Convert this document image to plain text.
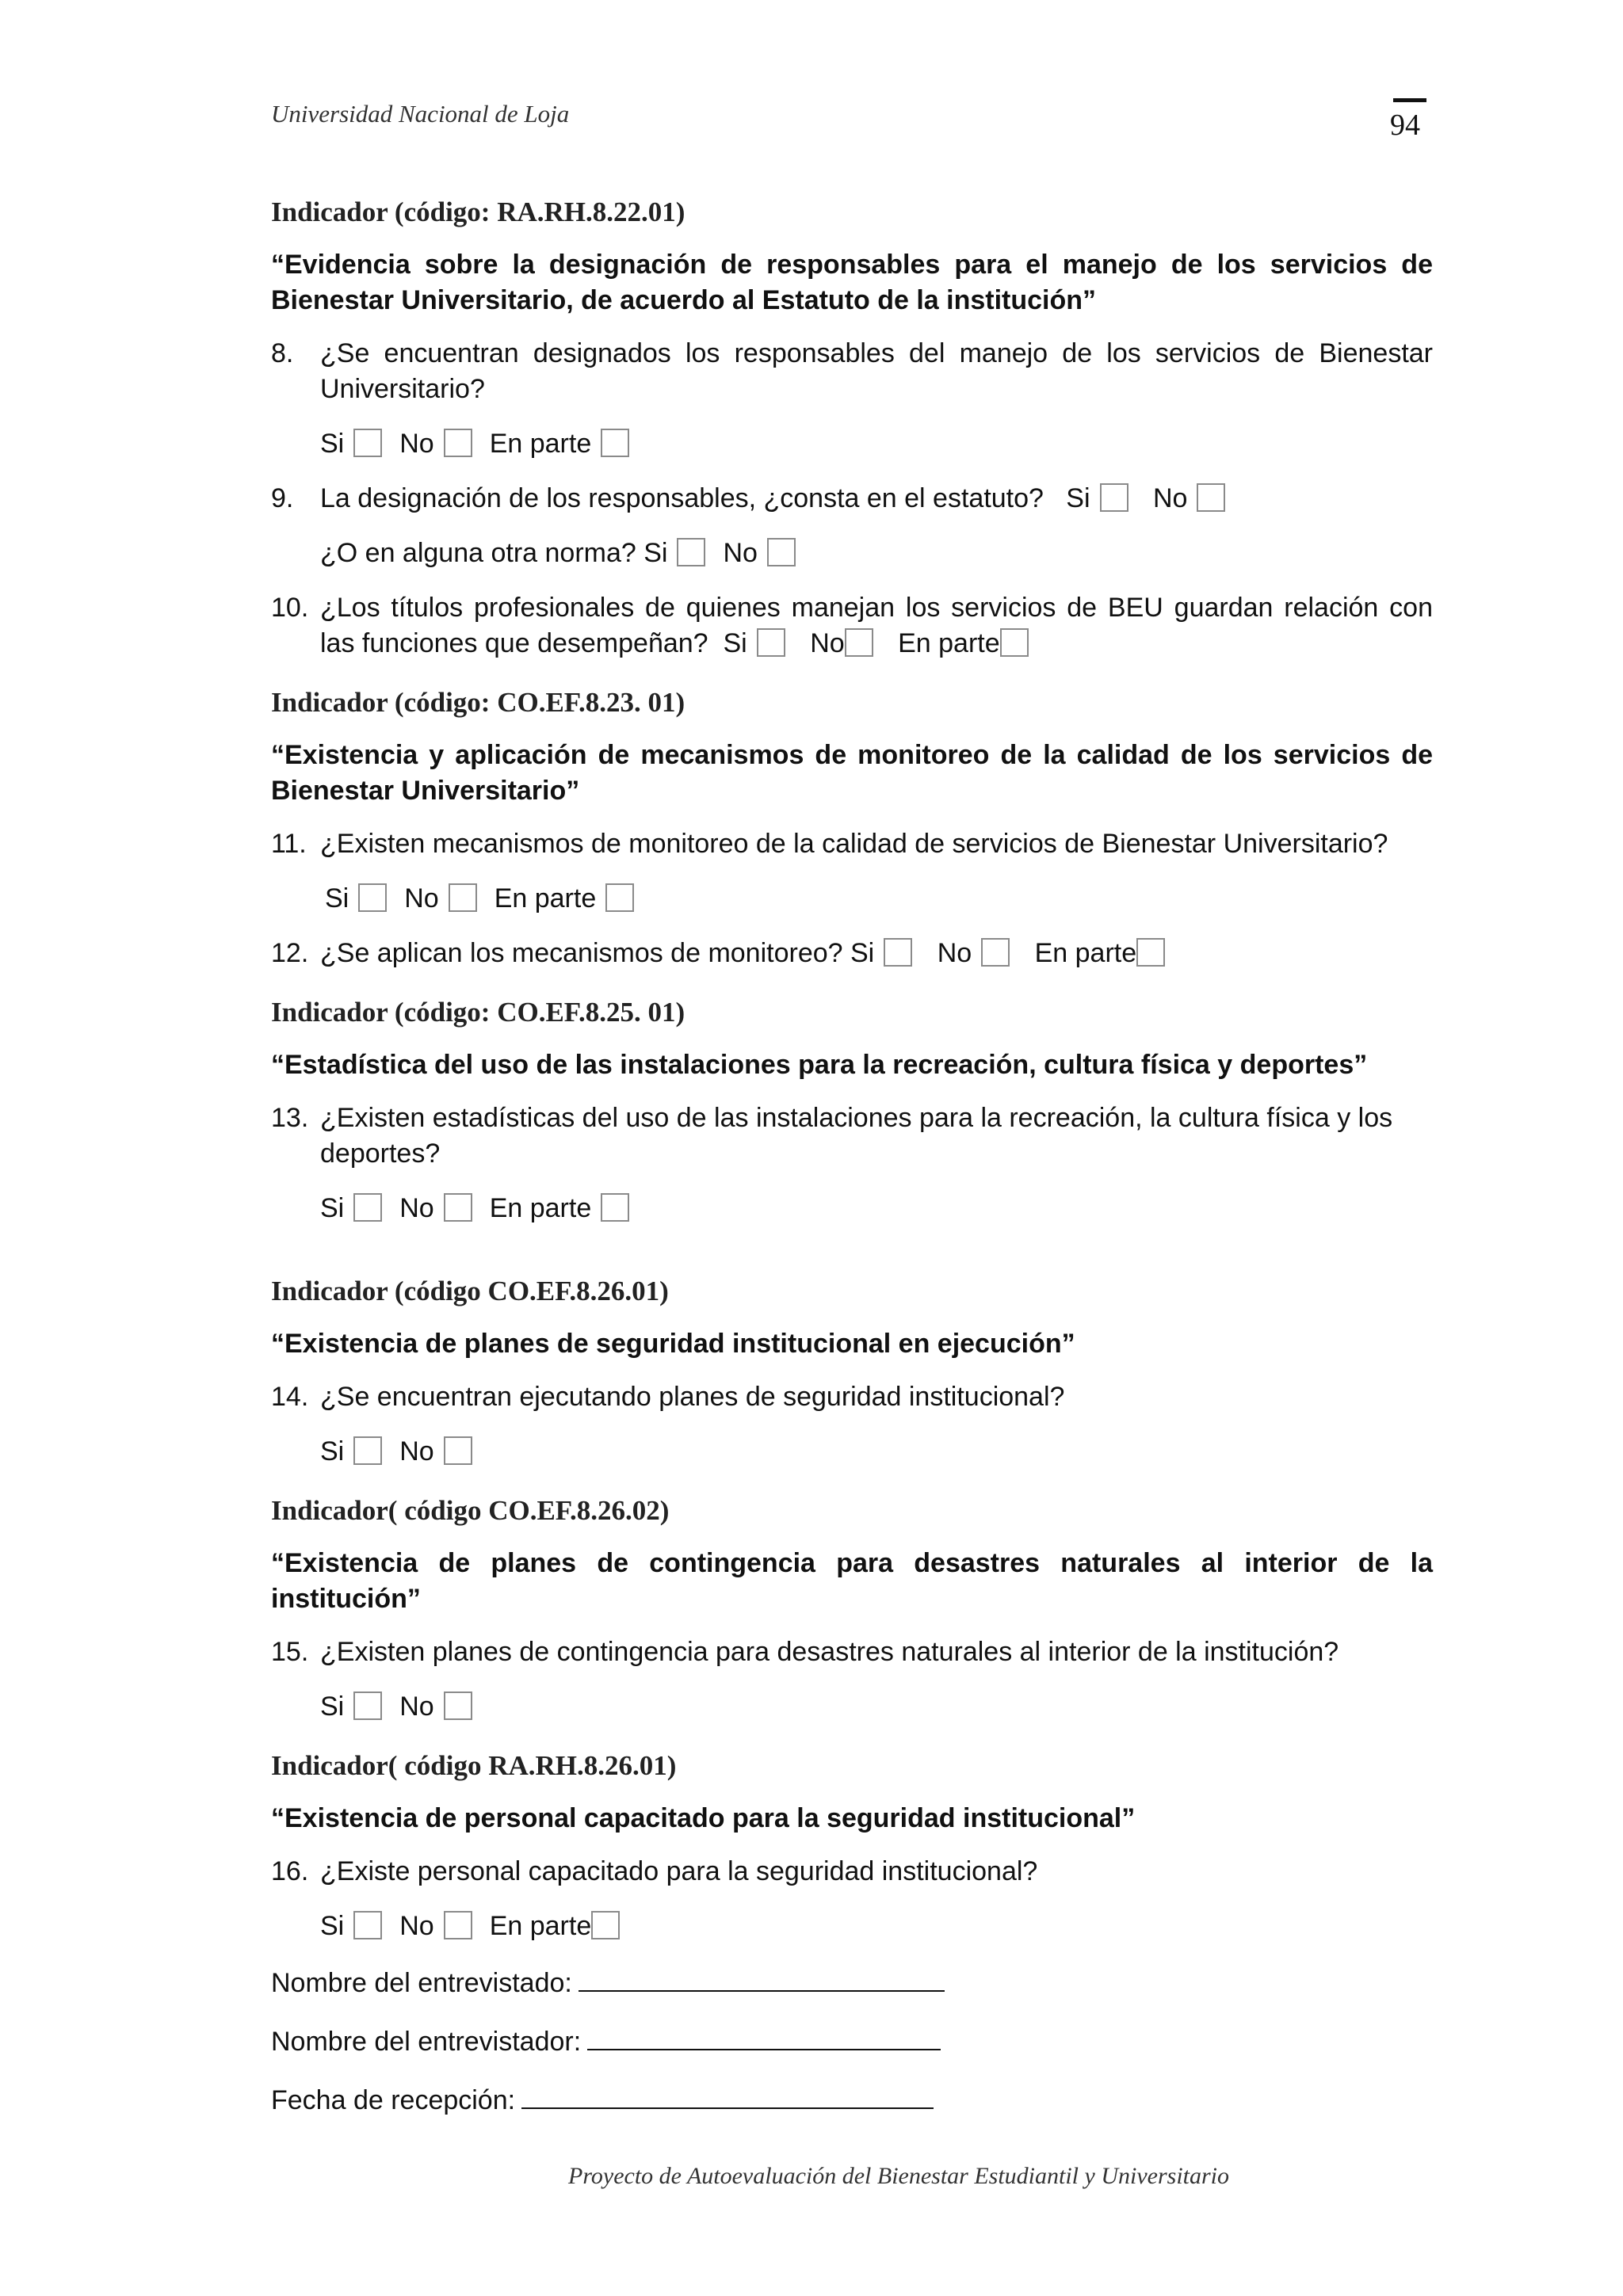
Universidad Nacional de Loja	94
Indicador (código: RA.RH.8.22.01)
“Evidencia sobre la designación de responsables para el manejo de los servicios de Bienestar Universitario, de acuerdo al Estatuto de la institución”
8. ¿Se encuentran designados los responsables del manejo de los servicios de Bienestar Universitario?
Si No En parte
9. La designación de los responsables, ¿consta en el estatuto? Si No
¿O en alguna otra norma? Si No
10. ¿Los títulos profesionales de quienes manejan los servicios de BEU guardan relación con las funciones que desempeñan? Si No En parte
Indicador (código: CO.EF.8.23. 01)
“Existencia y aplicación de mecanismos de monitoreo de la calidad de los servicios de Bienestar Universitario”
11. ¿Existen mecanismos de monitoreo de la calidad de servicios de Bienestar Universitario?
Si No En parte
12. ¿Se aplican los mecanismos de monitoreo? Si No En parte
Indicador (código: CO.EF.8.25. 01)
“Estadística del uso de las instalaciones para la recreación, cultura física y deportes”
13. ¿Existen estadísticas del uso de las instalaciones para la recreación, la cultura física y los deportes?
Si No En parte
Indicador (código CO.EF.8.26.01)
“Existencia de planes de seguridad institucional en ejecución”
14. ¿Se encuentran ejecutando planes de seguridad institucional?
Si No
Indicador( código CO.EF.8.26.02)
“Existencia de planes de contingencia para desastres naturales al interior de la institución”
15. ¿Existen planes de contingencia para desastres naturales al interior de la institución?
Si No
Indicador( código RA.RH.8.26.01)
“Existencia de personal capacitado para la seguridad institucional”
16. ¿Existe personal capacitado para la seguridad institucional?
Si No En parte
Nombre del entrevistado:
Nombre del entrevistador:
Fecha de recepción:
Proyecto de Autoevaluación del Bienestar Estudiantil y Universitario
